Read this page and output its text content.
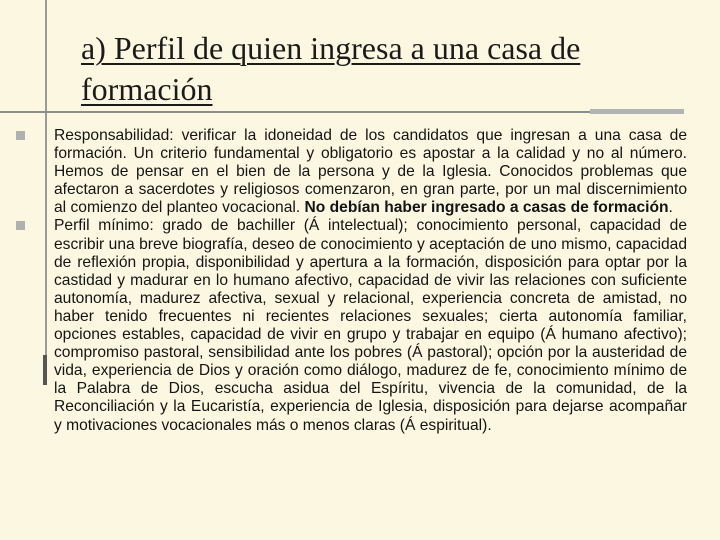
a) Perfil de quien ingresa a una casa de formación

Responsabilidad: verificar la idoneidad de los candidatos que ingresan a una casa de formación. Un criterio fundamental y obligatorio es apostar a la calidad y no al número. Hemos de pensar en el bien de la persona y de la Iglesia. Conocidos problemas que afectaron a sacerdotes y religiosos comenzaron, en gran parte, por un mal discernimiento al comienzo del planteo vocacional. No debían haber ingresado a casas de formación.

Perfil mínimo: grado de bachiller (Á intelectual); conocimiento personal, capacidad de escribir una breve biografía, deseo de conocimiento y aceptación de uno mismo, capacidad de reflexión propia, disponibilidad y apertura a la formación, disposición para optar por la castidad y madurar en lo humano afectivo, capacidad de vivir las relaciones con suficiente autonomía, madurez afectiva, sexual y relacional, experiencia concreta de amistad, no haber tenido frecuentes ni recientes relaciones sexuales; cierta autonomía familiar, opciones estables, capacidad de vivir en grupo y trabajar en equipo (Á humano afectivo); compromiso pastoral, sensibilidad ante los pobres (Á pastoral); opción por la austeridad de vida, experiencia de Dios y oración como diálogo, madurez de fe, conocimiento mínimo de la Palabra de Dios, escucha asidua del Espíritu, vivencia de la comunidad, de la Reconciliación y la Eucaristía, experiencia de Iglesia, disposición para dejarse acompañar y motivaciones vocacionales más o menos claras (Á espiritual).
